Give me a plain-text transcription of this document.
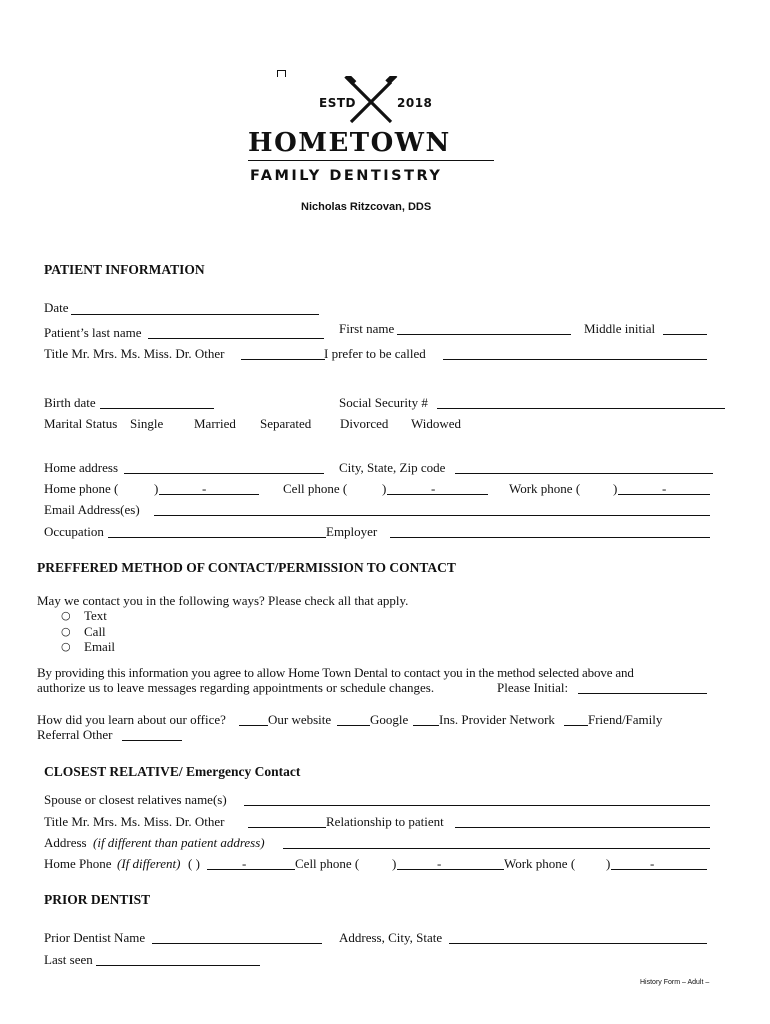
ESTD	2018
HOMETOWN
FAMILY DENTISTRY
Nicholas Ritzcovan, DDS
PATIENT INFORMATION
Date
Patient’s last name	First name	Middle initial
Title Mr. Mrs. Ms. Miss. Dr. Other	I prefer to be called
Birth date	Social Security #
Marital Status Single Married Separated Divorced Widowed
Home address	City, State, Zip code
Home phone (	)	-	Cell phone (	)	-	Work phone (	)	-
Email Address(es)
Occupation	Employer
PREFFERED METHOD OF CONTACT/PERMISSION TO CONTACT
May we contact you in the following ways? Please check all that apply.
○ Text
○ Call
○ Email
By providing this information you agree to allow Home Town Dental to contact you in the method selected above and
authorize us to leave messages regarding appointments or schedule changes.	Please Initial:
How did you learn about our office?	Our website	Google Ins. Provider Network	Friend/Family
Referral Other
CLOSEST RELATIVE/ Emergency Contact
Spouse or closest relatives name(s)
Title Mr. Mrs. Ms. Miss. Dr. Other	Relationship to patient
Address (if different than patient address)
Home Phone (If different) ( )	-	Cell phone (	)	-	Work phone ( )	-
PRIOR DENTIST
Prior Dentist Name	Address, City, State
Last seen
History Form – Adult –
